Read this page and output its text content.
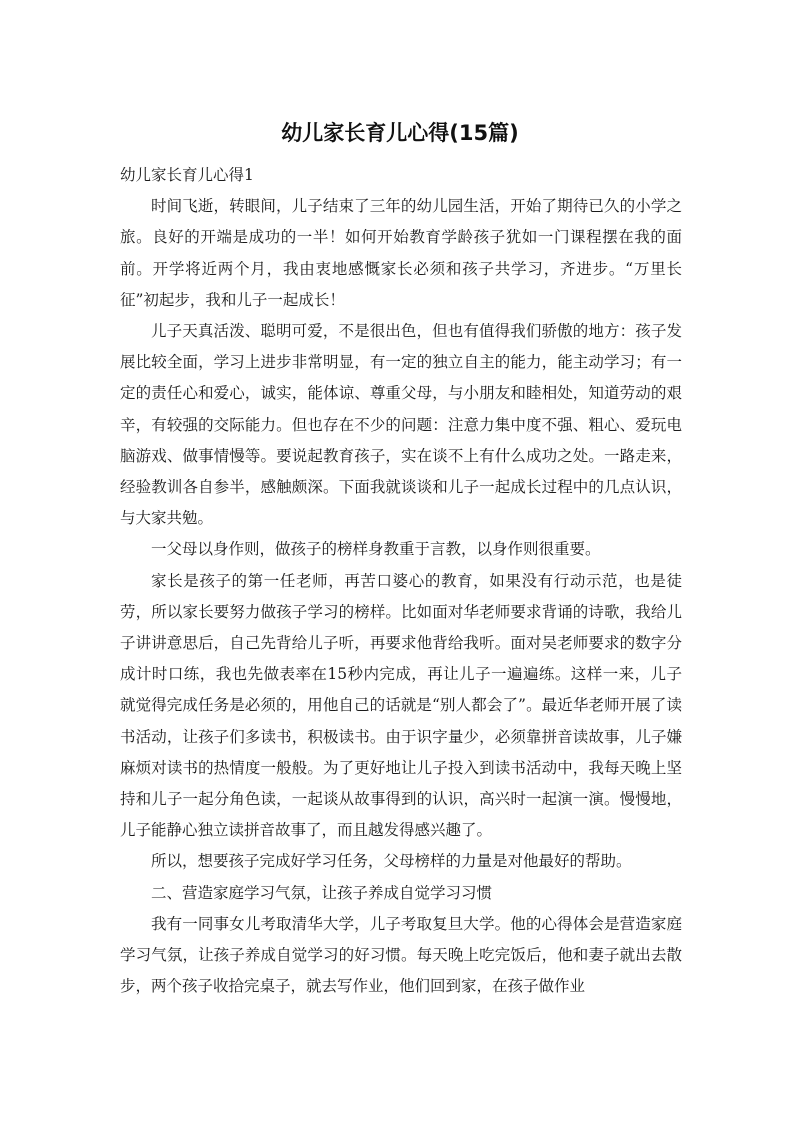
幼儿家长育儿心得(15篇)

幼儿家长育儿心得1

时间飞逝，转眼间，儿子结束了三年的幼儿园生活，开始了期待已久的小学之旅。良好的开端是成功的一半！如何开始教育学龄孩子犹如一门课程摆在我的面前。开学将近两个月，我由衷地感慨家长必须和孩子共学习，齐进步。“万里长征”初起步，我和儿子一起成长！

儿子天真活泼、聪明可爱，不是很出色，但也有值得我们骄傲的地方：孩子发展比较全面，学习上进步非常明显，有一定的独立自主的能力，能主动学习；有一定的责任心和爱心，诚实，能体谅、尊重父母，与小朋友和睦相处，知道劳动的艰辛，有较强的交际能力。但也存在不少的问题：注意力集中度不强、粗心、爱玩电脑游戏、做事情慢等。要说起教育孩子，实在谈不上有什么成功之处。一路走来，经验教训各自参半，感触颇深。下面我就谈谈和儿子一起成长过程中的几点认识，与大家共勉。

一父母以身作则，做孩子的榜样身教重于言教，以身作则很重要。

家长是孩子的第一任老师，再苦口婆心的教育，如果没有行动示范，也是徒劳，所以家长要努力做孩子学习的榜样。比如面对华老师要求背诵的诗歌，我给儿子讲讲意思后，自己先背给儿子听，再要求他背给我听。面对吴老师要求的数字分成计时口练，我也先做表率在15秒内完成，再让儿子一遍遍练。这样一来，儿子就觉得完成任务是必须的，用他自己的话就是“别人都会了”。最近华老师开展了读书活动，让孩子们多读书，积极读书。由于识字量少，必须靠拼音读故事，儿子嫌麻烦对读书的热情度一般般。为了更好地让儿子投入到读书活动中，我每天晚上坚持和儿子一起分角色读，一起谈从故事得到的认识，高兴时一起演一演。慢慢地，儿子能静心独立读拼音故事了，而且越发得感兴趣了。

所以，想要孩子完成好学习任务，父母榜样的力量是对他最好的帮助。

二、营造家庭学习气氛，让孩子养成自觉学习习惯

我有一同事女儿考取清华大学，儿子考取复旦大学。他的心得体会是营造家庭学习气氛，让孩子养成自觉学习的好习惯。每天晚上吃完饭后，他和妻子就出去散步，两个孩子收拾完桌子，就去写作业，他们回到家，在孩子做作业
